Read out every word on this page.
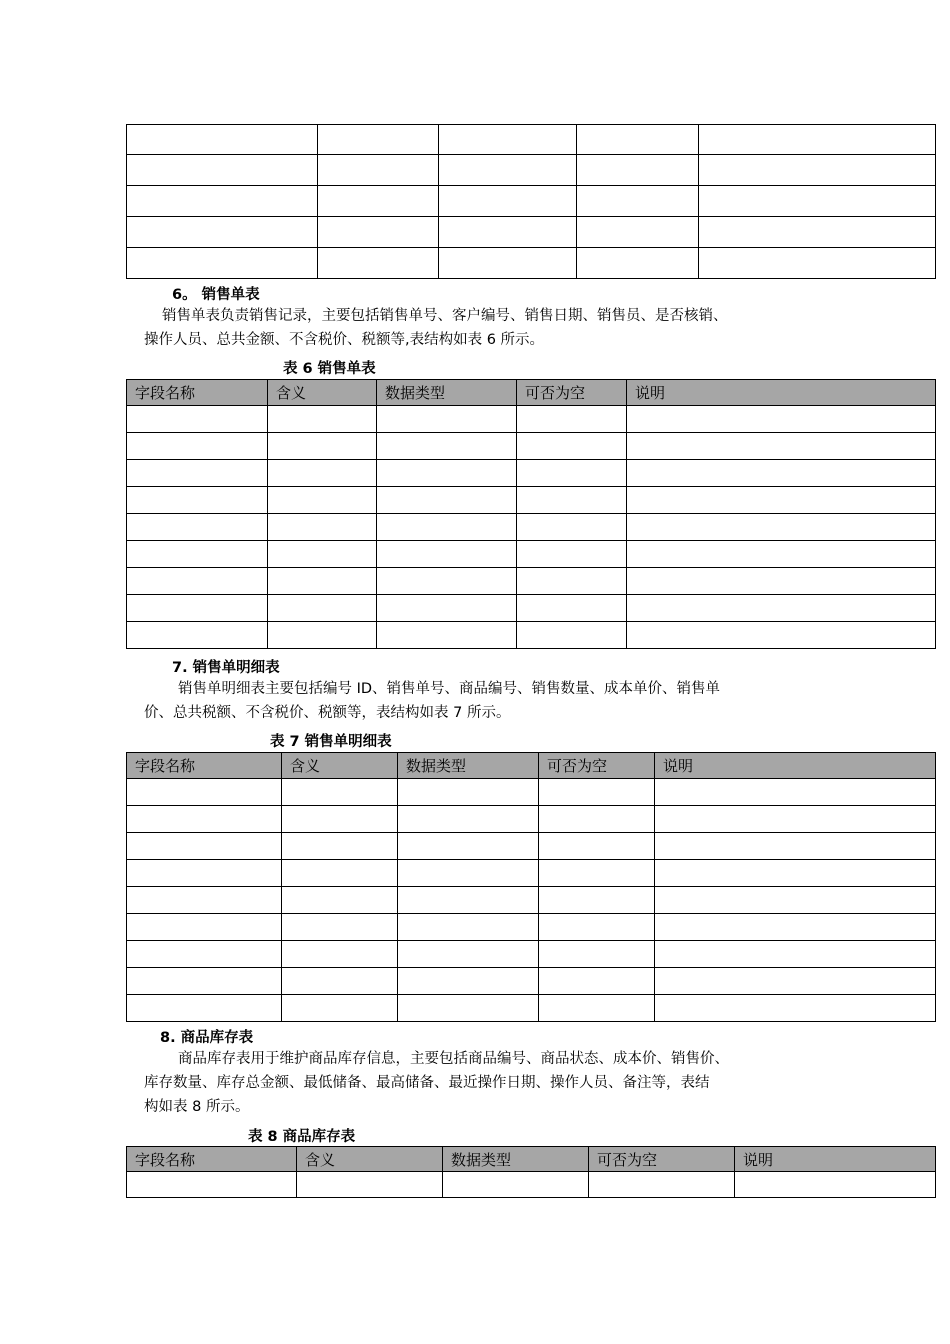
6。 销售单表
销售单表负责销售记录，主要包括销售单号、客户编号、销售日期、销售员、是否核销、
操作人员、总共金额、不含税价、税额等,表结构如表 6 所示。
表 6 销售单表
字段名称	含义	数据类型	可否为空	说明

7. 销售单明细表
销售单明细表主要包括编号 ID、销售单号、商品编号、销售数量、成本单价、销售单
价、总共税额、不含税价、税额等，表结构如表 7 所示。
表 7 销售单明细表
字段名称	含义	数据类型	可否为空	说明

8. 商品库存表
商品库存表用于维护商品库存信息，主要包括商品编号、商品状态、成本价、销售价、
库存数量、库存总金额、最低储备、最高储备、最近操作日期、操作人员、备注等，表结
构如表 8 所示。
表 8 商品库存表
字段名称	含义	数据类型	可否为空	说明
